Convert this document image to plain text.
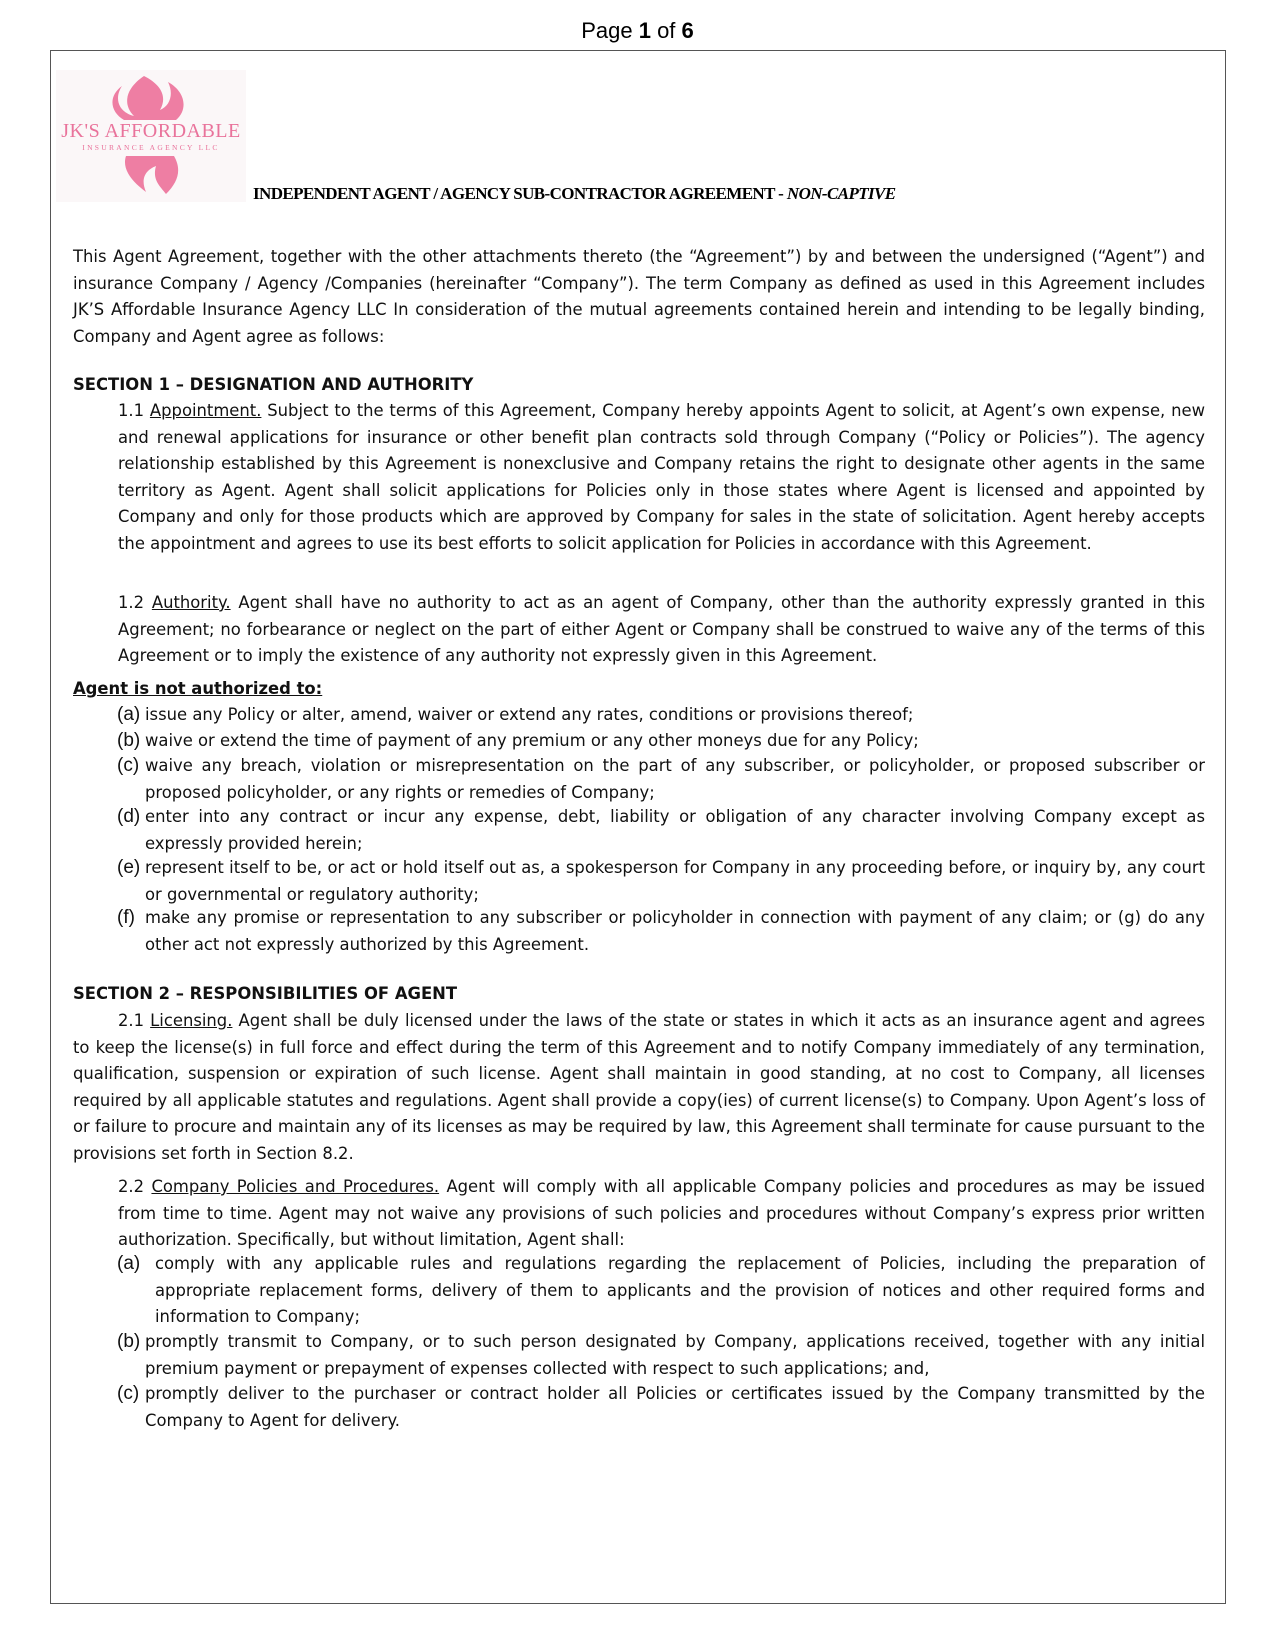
Page 1 of 6
JK'S AFFORDABLE
INSURANCE AGENCY LLC
INDEPENDENT AGENT / AGENCY SUB-CONTRACTOR AGREEMENT - NON-CAPTIVE
This Agent Agreement, together with the other attachments thereto (the “Agreement”) by and between the undersigned (“Agent”) and insurance Company / Agency /Companies (hereinafter “Company”). The term Company as defined as used in this Agreement includes JK’S Affordable Insurance Agency LLC In consideration of the mutual agreements contained herein and intending to be legally binding, Company and Agent agree as follows:
SECTION 1 – DESIGNATION AND AUTHORITY
1.1 Appointment. Subject to the terms of this Agreement, Company hereby appoints Agent to solicit, at Agent’s own expense, new and renewal applications for insurance or other benefit plan contracts sold through Company (“Policy or Policies”). The agency relationship established by this Agreement is nonexclusive and Company retains the right to designate other agents in the same territory as Agent. Agent shall solicit applications for Policies only in those states where Agent is licensed and appointed by Company and only for those products which are approved by Company for sales in the state of solicitation. Agent hereby accepts the appointment and agrees to use its best efforts to solicit application for Policies in accordance with this Agreement.
1.2 Authority. Agent shall have no authority to act as an agent of Company, other than the authority expressly granted in this Agreement; no forbearance or neglect on the part of either Agent or Company shall be construed to waive any of the terms of this Agreement or to imply the existence of any authority not expressly given in this Agreement.
Agent is not authorized to:
(a) issue any Policy or alter, amend, waiver or extend any rates, conditions or provisions thereof;
(b) waive or extend the time of payment of any premium or any other moneys due for any Policy;
(c) waive any breach, violation or misrepresentation on the part of any subscriber, or policyholder, or proposed subscriber or proposed policyholder, or any rights or remedies of Company;
(d) enter into any contract or incur any expense, debt, liability or obligation of any character involving Company except as expressly provided herein;
(e) represent itself to be, or act or hold itself out as, a spokesperson for Company in any proceeding before, or inquiry by, any court or governmental or regulatory authority;
(f) make any promise or representation to any subscriber or policyholder in connection with payment of any claim; or (g) do any other act not expressly authorized by this Agreement.
SECTION 2 – RESPONSIBILITIES OF AGENT
2.1 Licensing. Agent shall be duly licensed under the laws of the state or states in which it acts as an insurance agent and agrees to keep the license(s) in full force and effect during the term of this Agreement and to notify Company immediately of any termination, qualification, suspension or expiration of such license. Agent shall maintain in good standing, at no cost to Company, all licenses required by all applicable statutes and regulations. Agent shall provide a copy(ies) of current license(s) to Company. Upon Agent’s loss of or failure to procure and maintain any of its licenses as may be required by law, this Agreement shall terminate for cause pursuant to the provisions set forth in Section 8.2.
2.2 Company Policies and Procedures. Agent will comply with all applicable Company policies and procedures as may be issued from time to time. Agent may not waive any provisions of such policies and procedures without Company’s express prior written authorization. Specifically, but without limitation, Agent shall:
(a) comply with any applicable rules and regulations regarding the replacement of Policies, including the preparation of appropriate replacement forms, delivery of them to applicants and the provision of notices and other required forms and information to Company;
(b) promptly transmit to Company, or to such person designated by Company, applications received, together with any initial premium payment or prepayment of expenses collected with respect to such applications; and,
(c) promptly deliver to the purchaser or contract holder all Policies or certificates issued by the Company transmitted by the Company to Agent for delivery.
